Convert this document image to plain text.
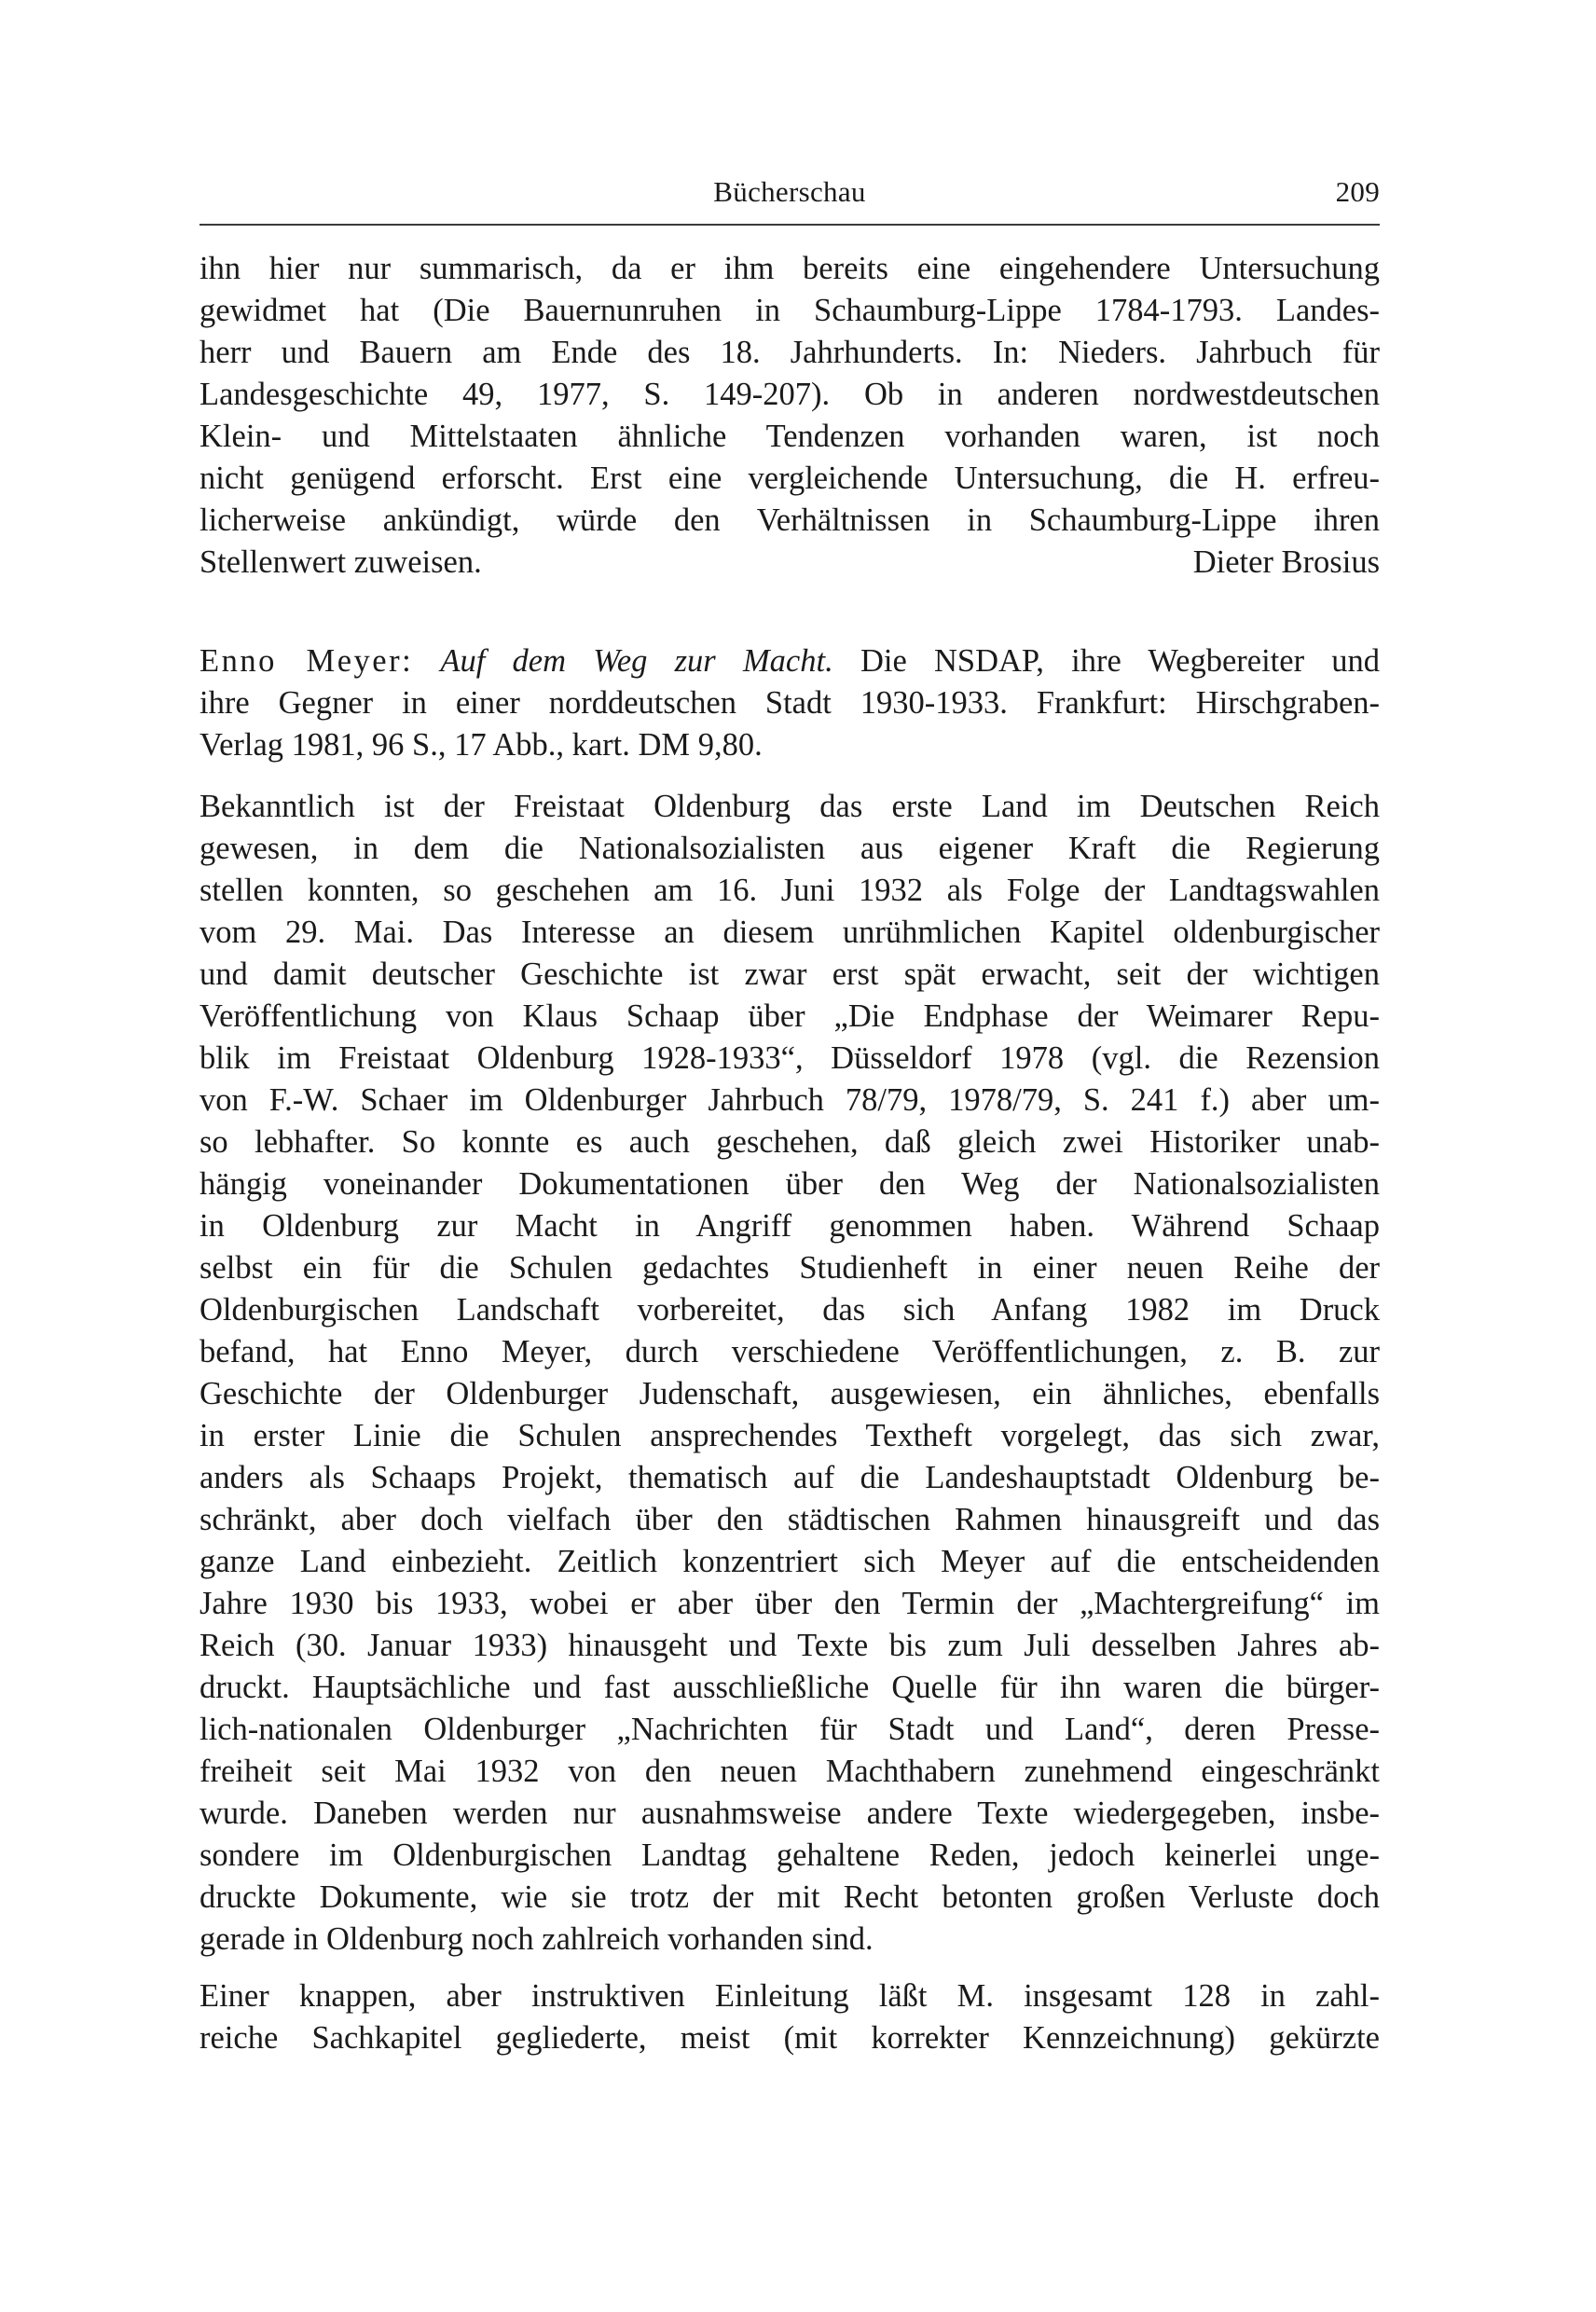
Bücherschau	209
ihn hier nur summarisch, da er ihm bereits eine eingehendere Untersuchung
gewidmet hat (Die Bauernunruhen in Schaumburg-Lippe 1784-1793. Landes-
herr und Bauern am Ende des 18. Jahrhunderts. In: Nieders. Jahrbuch für
Landesgeschichte 49, 1977, S. 149-207). Ob in anderen nordwestdeutschen
Klein- und Mittelstaaten ähnliche Tendenzen vorhanden waren, ist noch
nicht genügend erforscht. Erst eine vergleichende Untersuchung, die H. erfreu-
licherweise ankündigt, würde den Verhältnissen in Schaumburg-Lippe ihren
Stellenwert zuweisen.	Dieter Brosius
Enno Meyer: Auf dem Weg zur Macht. Die NSDAP, ihre Wegbereiter und
ihre Gegner in einer norddeutschen Stadt 1930-1933. Frankfurt: Hirschgraben-
Verlag 1981, 96 S., 17 Abb., kart. DM 9,80.
Bekanntlich ist der Freistaat Oldenburg das erste Land im Deutschen Reich
gewesen, in dem die Nationalsozialisten aus eigener Kraft die Regierung
stellen konnten, so geschehen am 16. Juni 1932 als Folge der Landtagswahlen
vom 29. Mai. Das Interesse an diesem unrühmlichen Kapitel oldenburgischer
und damit deutscher Geschichte ist zwar erst spät erwacht, seit der wichtigen
Veröffentlichung von Klaus Schaap über „Die Endphase der Weimarer Repu-
blik im Freistaat Oldenburg 1928-1933“, Düsseldorf 1978 (vgl. die Rezension
von F.-W. Schaer im Oldenburger Jahrbuch 78/79, 1978/79, S. 241 f.) aber um-
so lebhafter. So konnte es auch geschehen, daß gleich zwei Historiker unab-
hängig voneinander Dokumentationen über den Weg der Nationalsozialisten
in Oldenburg zur Macht in Angriff genommen haben. Während Schaap
selbst ein für die Schulen gedachtes Studienheft in einer neuen Reihe der
Oldenburgischen Landschaft vorbereitet, das sich Anfang 1982 im Druck
befand, hat Enno Meyer, durch verschiedene Veröffentlichungen, z. B. zur
Geschichte der Oldenburger Judenschaft, ausgewiesen, ein ähnliches, ebenfalls
in erster Linie die Schulen ansprechendes Textheft vorgelegt, das sich zwar,
anders als Schaaps Projekt, thematisch auf die Landeshauptstadt Oldenburg be-
schränkt, aber doch vielfach über den städtischen Rahmen hinausgreift und das
ganze Land einbezieht. Zeitlich konzentriert sich Meyer auf die entscheidenden
Jahre 1930 bis 1933, wobei er aber über den Termin der „Machtergreifung“ im
Reich (30. Januar 1933) hinausgeht und Texte bis zum Juli desselben Jahres ab-
druckt. Hauptsächliche und fast ausschließliche Quelle für ihn waren die bürger-
lich-nationalen Oldenburger „Nachrichten für Stadt und Land“, deren Presse-
freiheit seit Mai 1932 von den neuen Machthabern zunehmend eingeschränkt
wurde. Daneben werden nur ausnahmsweise andere Texte wiedergegeben, insbe-
sondere im Oldenburgischen Landtag gehaltene Reden, jedoch keinerlei unge-
druckte Dokumente, wie sie trotz der mit Recht betonten großen Verluste doch
gerade in Oldenburg noch zahlreich vorhanden sind.
Einer knappen, aber instruktiven Einleitung läßt M. insgesamt 128 in zahl-
reiche Sachkapitel gegliederte, meist (mit korrekter Kennzeichnung) gekürzte
